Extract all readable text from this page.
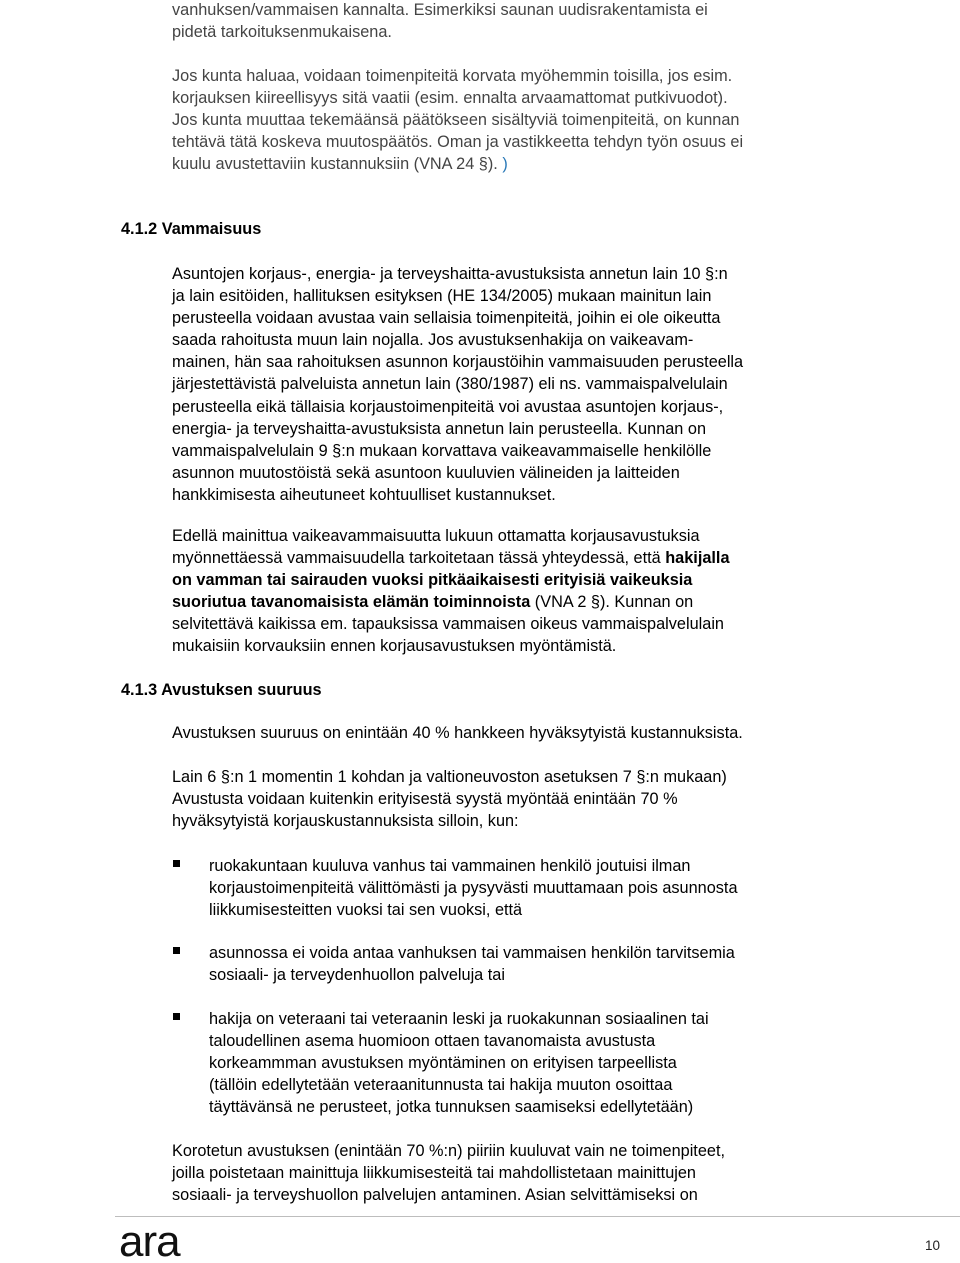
vanhuksen/vammaisen kannalta. Esimerkiksi saunan uudisrakentamista ei
pidetä tarkoituksenmukaisena.
Jos kunta haluaa, voidaan toimenpiteitä korvata myöhemmin toisilla, jos esim.
korjauksen kiireellisyys sitä vaatii (esim. ennalta arvaamattomat putkivuodot).
Jos kunta muuttaa tekemäänsä päätökseen sisältyviä toimenpiteitä, on kunnan
tehtävä tätä koskeva muutospäätös. Oman ja vastikkeetta tehdyn työn osuus ei
kuulu avustettaviin kustannuksiin (VNA 24 §). )
4.1.2 Vammaisuus
Asuntojen korjaus-, energia- ja terveyshaitta-avustuksista annetun lain 10 §:n
ja lain esitöiden, hallituksen esityksen (HE 134/2005) mukaan mainitun lain
perusteella voidaan avustaa vain sellaisia toimenpiteitä, joihin ei ole oikeutta
saada rahoitusta muun lain nojalla. Jos avustuksenhakija on vaikeavam-
mainen, hän saa rahoituksen asunnon korjaustöihin vammaisuuden perusteella
järjestettävistä palveluista annetun lain (380/1987) eli ns. vammaispalvelulain
perusteella eikä tällaisia korjaustoimenpiteitä voi avustaa asuntojen korjaus-,
energia- ja terveyshaitta-avustuksista annetun lain perusteella. Kunnan on
vammaispalvelulain 9 §:n mukaan korvattava vaikeavammaiselle henkilölle
asunnon muutostöistä sekä asuntoon kuuluvien välineiden ja laitteiden
hankkimisesta aiheutuneet kohtuulliset kustannukset.
Edellä mainittua vaikeavammaisuutta lukuun ottamatta korjausavustuksia
myönnettäessä vammaisuudella tarkoitetaan tässä yhteydessä, että hakijalla
on vamman tai sairauden vuoksi pitkäaikaisesti erityisiä vaikeuksia
suoriutua tavanomaisista elämän toiminnoista (VNA 2 §). Kunnan on
selvitettävä kaikissa em. tapauksissa vammaisen oikeus vammaispalvelulain
mukaisiin korvauksiin ennen korjausavustuksen myöntämistä.
4.1.3 Avustuksen suuruus
Avustuksen suuruus on enintään 40 % hankkeen hyväksytyistä kustannuksista.
Lain 6 §:n 1 momentin 1 kohdan ja valtioneuvoston asetuksen 7 §:n mukaan)
Avustusta voidaan kuitenkin erityisestä syystä myöntää enintään 70 %
hyväksytyistä korjauskustannuksista silloin, kun:
ruokakuntaan kuuluva vanhus tai vammainen henkilö joutuisi ilman
korjaustoimenpiteitä välittömästi ja pysyvästi muuttamaan pois asunnosta
liikkumisesteitten vuoksi tai sen vuoksi, että
asunnossa ei voida antaa vanhuksen tai vammaisen henkilön tarvitsemia
sosiaali- ja terveydenhuollon palveluja tai
hakija on veteraani tai veteraanin leski ja ruokakunnan sosiaalinen tai
taloudellinen asema huomioon ottaen tavanomaista avustusta
korkeammman avustuksen myöntäminen on erityisen tarpeellista
(tällöin edellytetään veteraanitunnusta tai hakija muuton osoittaa
täyttävänsä ne perusteet, jotka tunnuksen saamiseksi edellytetään)
Korotetun avustuksen (enintään 70 %:n) piiriin kuuluvat vain ne toimenpiteet,
joilla poistetaan mainittuja liikkumisesteitä tai mahdollistetaan mainittujen
sosiaali- ja terveyshuollon palvelujen antaminen. Asian selvittämiseksi on
ara	10
